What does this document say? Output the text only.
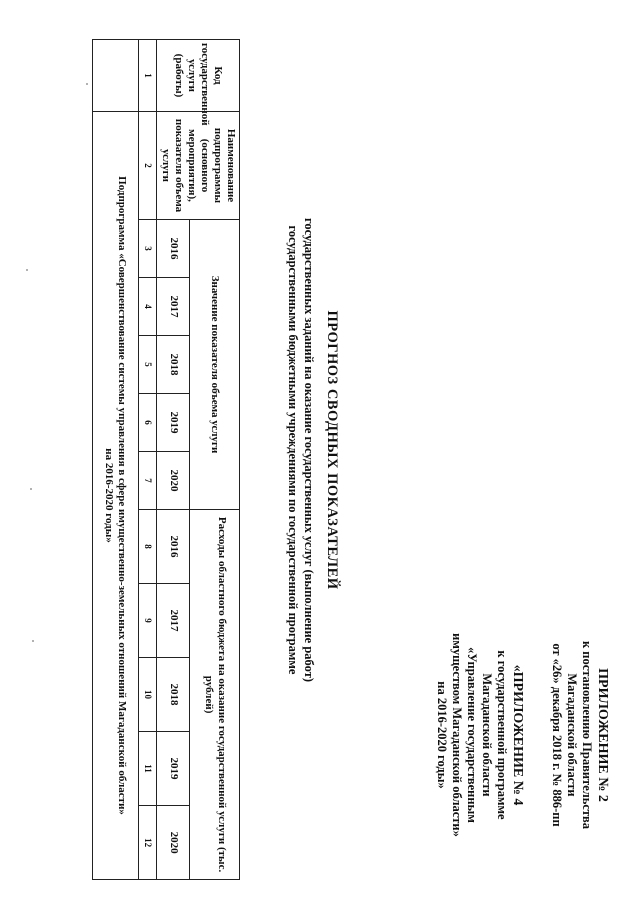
ПРИЛОЖЕНИЕ № 2
к постановлению Правительства
Магаданской области
от «26» декабря 2018 г. № 886-пп
«ПРИЛОЖЕНИЕ № 4
к государственной программе
Магаданской области
«Управление государственным
имуществом Магаданской области»
на 2016-2020 годы»
ПРОГНОЗ СВОДНЫХ ПОКАЗАТЕЛЕЙ
государственных заданий на оказание государственных услуг (выполнение работ)
государственными бюджетными учреждениями по государственной программе
Код государственной услуги (работы)	Наименование подпрограммы (основного мероприятия), показателя объема услуги	Значение показателя объема услуги					Расходы областного бюджета на оказание государственной услуги (тыс. рублей)				
		2016	2017	2018	2019	2020	2016	2017	2018	2019	2020
1	2	3	4	5	6	7	8	9	10	11	12

	Подпрограмма «Совершенствование системы управления в сфере имущественно-земельных отношений Магаданской области»
на 2016-2020 годы»										
